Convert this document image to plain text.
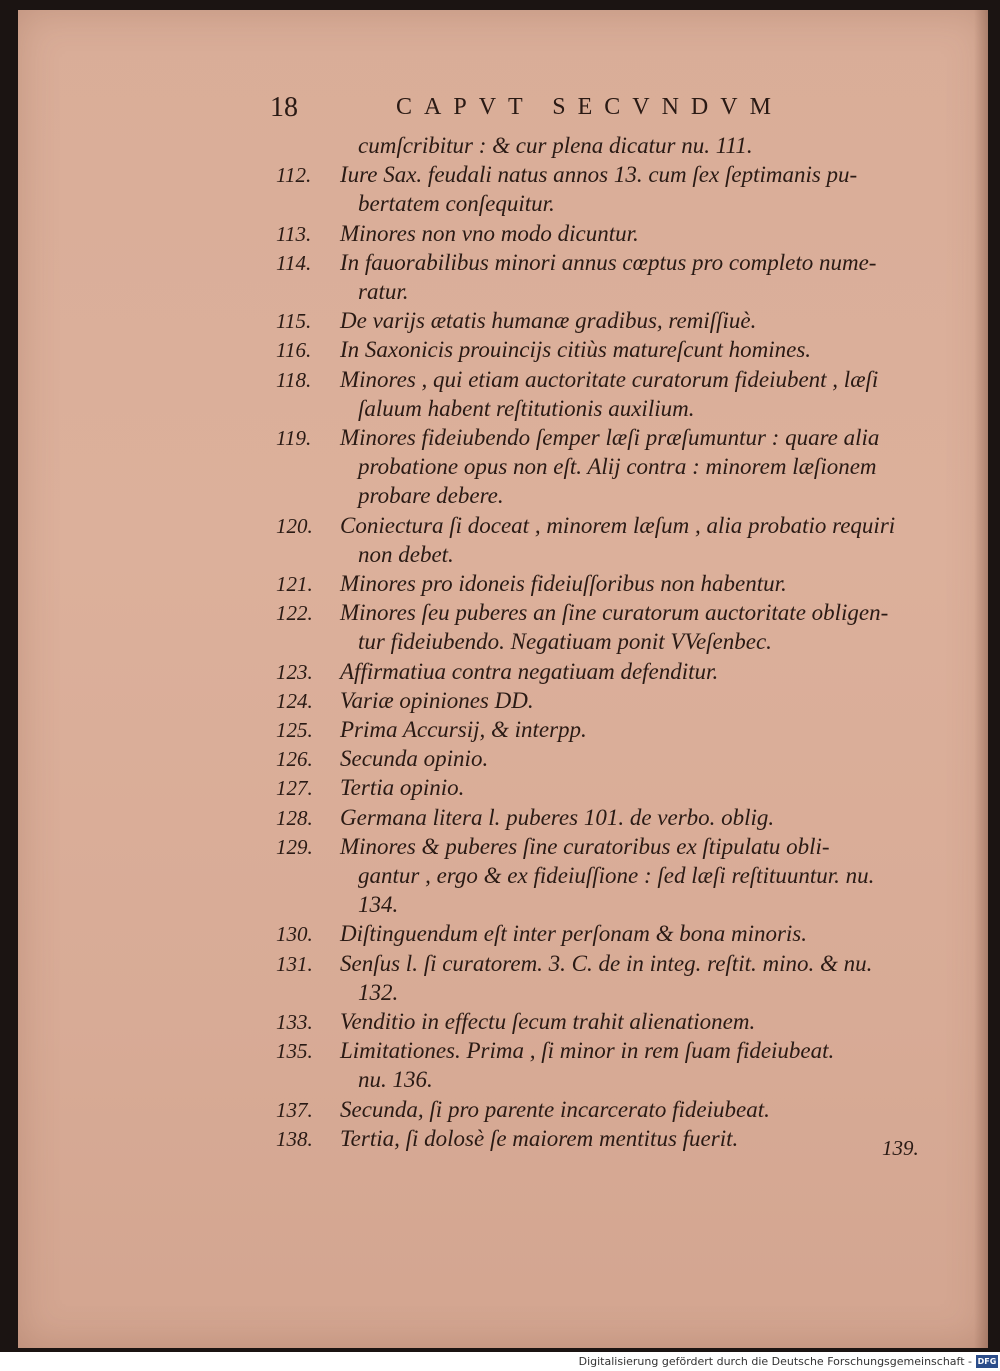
18	CAPVT SECVNDVM
cumſcribitur : & cur plena dicatur nu. 111.
112. Iure Sax. feudali natus annos 13. cum ſex ſeptimanis pu-
bertatem conſequitur.
113. Minores non vno modo dicuntur.
114. In fauorabilibus minori annus cœptus pro completo nume-
ratur.
115. De varijs ætatis humanæ gradibus, remiſſiuè.
116. In Saxonicis prouincijs citiùs matureſcunt homines.
118. Minores , qui etiam auctoritate curatorum fideiubent , læſi
ſaluum habent reſtitutionis auxilium.
119. Minores fideiubendo ſemper læſi præſumuntur : quare alia
probatione opus non eſt. Alij contra : minorem læſionem
probare debere.
120. Coniectura ſi doceat , minorem læſum , alia probatio requiri
non debet.
121. Minores pro idoneis fideiuſſoribus non habentur.
122. Minores ſeu puberes an ſine curatorum auctoritate obligen-
tur fideiubendo. Negatiuam ponit VVeſenbec.
123. Affirmatiua contra negatiuam defenditur.
124. Variæ opiniones DD.
125. Prima Accursij, & interpp.
126. Secunda opinio.
127. Tertia opinio.
128. Germana litera l. puberes 101. de verbo. oblig.
129. Minores & puberes ſine curatoribus ex ſtipulatu obli-
gantur , ergo & ex fideiuſſione : ſed læſi reſtituuntur. nu.
134.
130. Diſtinguendum eſt inter perſonam & bona minoris.
131. Senſus l. ſi curatorem. 3. C. de in integ. reſtit. mino. & nu.
132.
133. Venditio in effectu ſecum trahit alienationem.
135. Limitationes. Prima , ſi minor in rem ſuam fideiubeat.
nu. 136.
137. Secunda, ſi pro parente incarcerato fideiubeat.
138. Tertia, ſi dolosè ſe maiorem mentitus fuerit.	139.
Digitalisierung gefördert durch die Deutsche Forschungsgemeinschaft - DFG
